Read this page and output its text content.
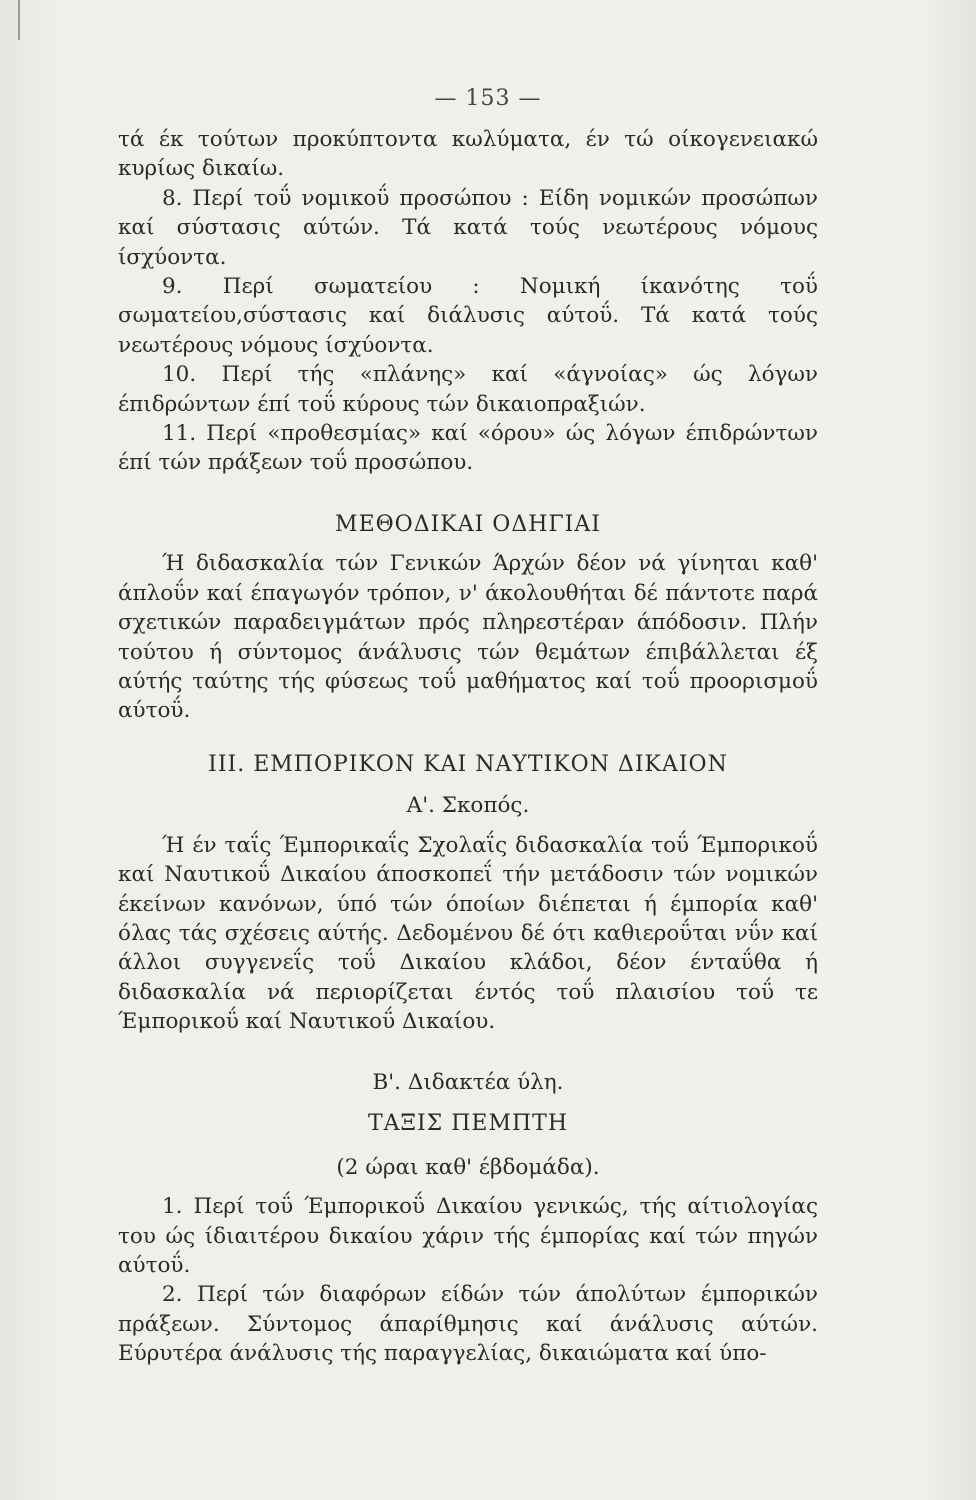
— 153 —

τά έκ τούτων προκύπτοντα κωλύματα, έν τώ οίκογενειακώ κυρίως δικαίω.

8. Περί τοΰ νομικοΰ προσώπου : Είδη νομικών προσώπων καί σύστασις αύτών. Τά κατά τούς νεωτέρους νόμους ίσχύοντα.

9. Περί σωματείου : Νομική ίκανότης τοΰ σωματείου,σύστασις καί διάλυσις αύτοΰ. Τά κατά τούς νεωτέρους νόμους ίσχύοντα.

10. Περί τής «πλάνης» καί «άγνοίας» ώς λόγων έπιδρώντων έπί τοΰ κύρους τών δικαιοπραξιών.

11. Περί «προθεσμίας» καί «όρου» ώς λόγων έπιδρώντων έπί τών πράξεων τοΰ προσώπου.

ΜΕΘΟΔΙΚΑΙ ΟΔΗΓΙΑΙ

Ή διδασκαλία τών Γενικών Άρχών δέον νά γίνηται καθ' άπλοΰν καί έπαγωγόν τρόπον, ν' άκολουθήται δέ πάντοτε παρά σχετικών παραδειγμάτων πρός πληρεστέραν άπόδοσιν. Πλήν τούτου ή σύντομος άνάλυσις τών θεμάτων έπιβάλλεται έξ αύτής ταύτης τής φύσεως τοΰ μαθήματος καί τοΰ προορισμοΰ αύτοΰ.

III. ΕΜΠΟΡΙΚΟΝ ΚΑΙ ΝΑΥΤΙΚΟΝ ΔΙΚΑΙΟΝ

Α'. Σκοπός.

Ή έν ταΐς Έμπορικαΐς Σχολαΐς διδασκαλία τοΰ Έμπορικοΰ καί Ναυτικοΰ Δικαίου άποσκοπεΐ τήν μετάδοσιν τών νομικών έκείνων κανόνων, ύπό τών όποίων διέπεται ή έμπορία καθ' όλας τάς σχέσεις αύτής. Δεδομένου δέ ότι καθιεροΰται νΰν καί άλλοι συγγενεΐς τοΰ Δικαίου κλάδοι, δέον ένταΰθα ή διδασκαλία νά περιορίζεται έντός τοΰ πλαισίου τοΰ τε Έμπορικοΰ καί Ναυτικοΰ Δικαίου.

Β'. Διδακτέα ύλη.

ΤΑΞΙΣ ΠΕΜΠΤΗ

(2 ώραι καθ' έβδομάδα).

1. Περί τοΰ Έμπορικοΰ Δικαίου γενικώς, τής αίτιολογίας του ώς ίδιαιτέρου δικαίου χάριν τής έμπορίας καί τών πηγών αύτοΰ.

2. Περί τών διαφόρων είδών τών άπολύτων έμπορικών πράξεων. Σύντομος άπαρίθμησις καί άνάλυσις αύτών. Εύρυτέρα άνάλυσις τής παραγγελίας, δικαιώματα καί ύπο-
